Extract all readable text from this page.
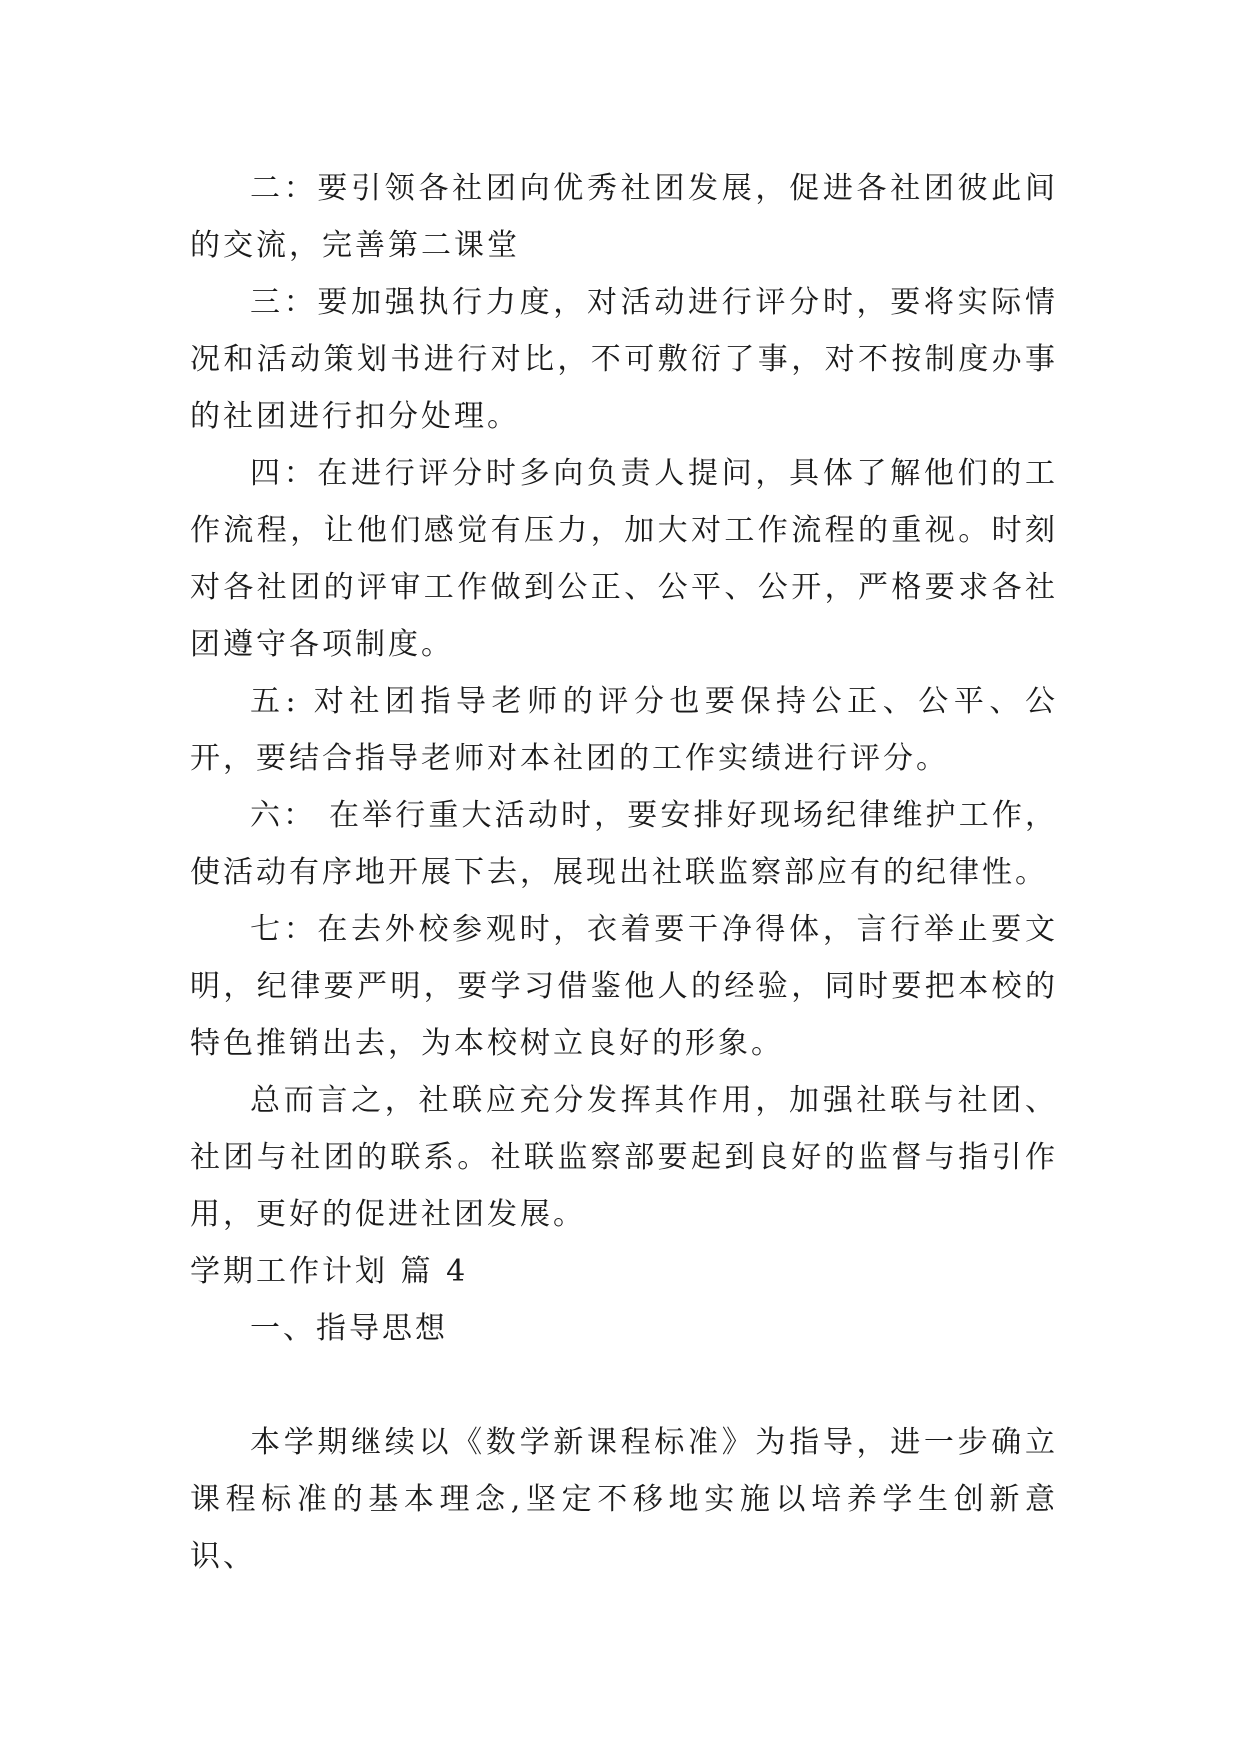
二：要引领各社团向优秀社团发展，促进各社团彼此间的交流，完善第二课堂

三：要加强执行力度，对活动进行评分时，要将实际情况和活动策划书进行对比，不可敷衍了事，对不按制度办事的社团进行扣分处理。

四：在进行评分时多向负责人提问，具体了解他们的工作流程，让他们感觉有压力，加大对工作流程的重视。时刻对各社团的评审工作做到公正、公平、公开，严格要求各社团遵守各项制度。

五: 对社团指导老师的评分也要保持公正、公平、公开，要结合指导老师对本社团的工作实绩进行评分。

六： 在举行重大活动时，要安排好现场纪律维护工作，使活动有序地开展下去，展现出社联监察部应有的纪律性。

七：在去外校参观时，衣着要干净得体，言行举止要文明，纪律要严明，要学习借鉴他人的经验，同时要把本校的特色推销出去，为本校树立良好的形象。

总而言之，社联应充分发挥其作用，加强社联与社团、社团与社团的联系。社联监察部要起到良好的监督与指引作用，更好的促进社团发展。

学期工作计划 篇 4

一、指导思想

本学期继续以《数学新课程标准》为指导，进一步确立课程标准的基本理念,坚定不移地实施以培养学生创新意识、
